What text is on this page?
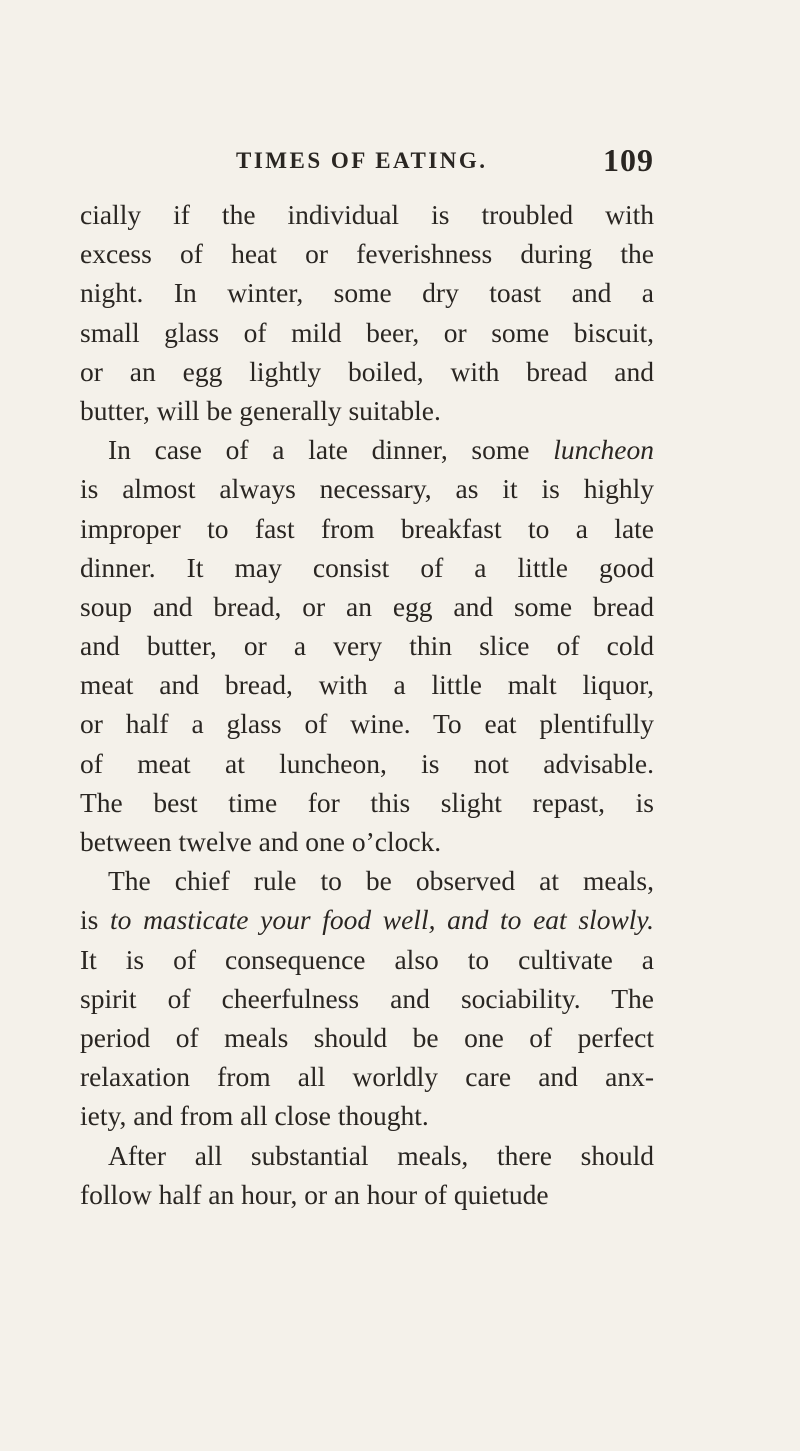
TIMES OF EATING.	109
cially if the individual is troubled with
excess of heat or feverishness during the
night. In winter, some dry toast and a
small glass of mild beer, or some biscuit,
or an egg lightly boiled, with bread and
butter, will be generally suitable.
In case of a late dinner, some luncheon
is almost always necessary, as it is highly
improper to fast from breakfast to a late
dinner. It may consist of a little good
soup and bread, or an egg and some bread
and butter, or a very thin slice of cold
meat and bread, with a little malt liquor,
or half a glass of wine. To eat plentifully
of meat at luncheon, is not advisable.
The best time for this slight repast, is
between twelve and one o’clock.
The chief rule to be observed at meals,
is to masticate your food well, and to eat slowly.
It is of consequence also to cultivate a
spirit of cheerfulness and sociability. The
period of meals should be one of perfect
relaxation from all worldly care and anx-
iety, and from all close thought.
After all substantial meals, there should
follow half an hour, or an hour of quietude
